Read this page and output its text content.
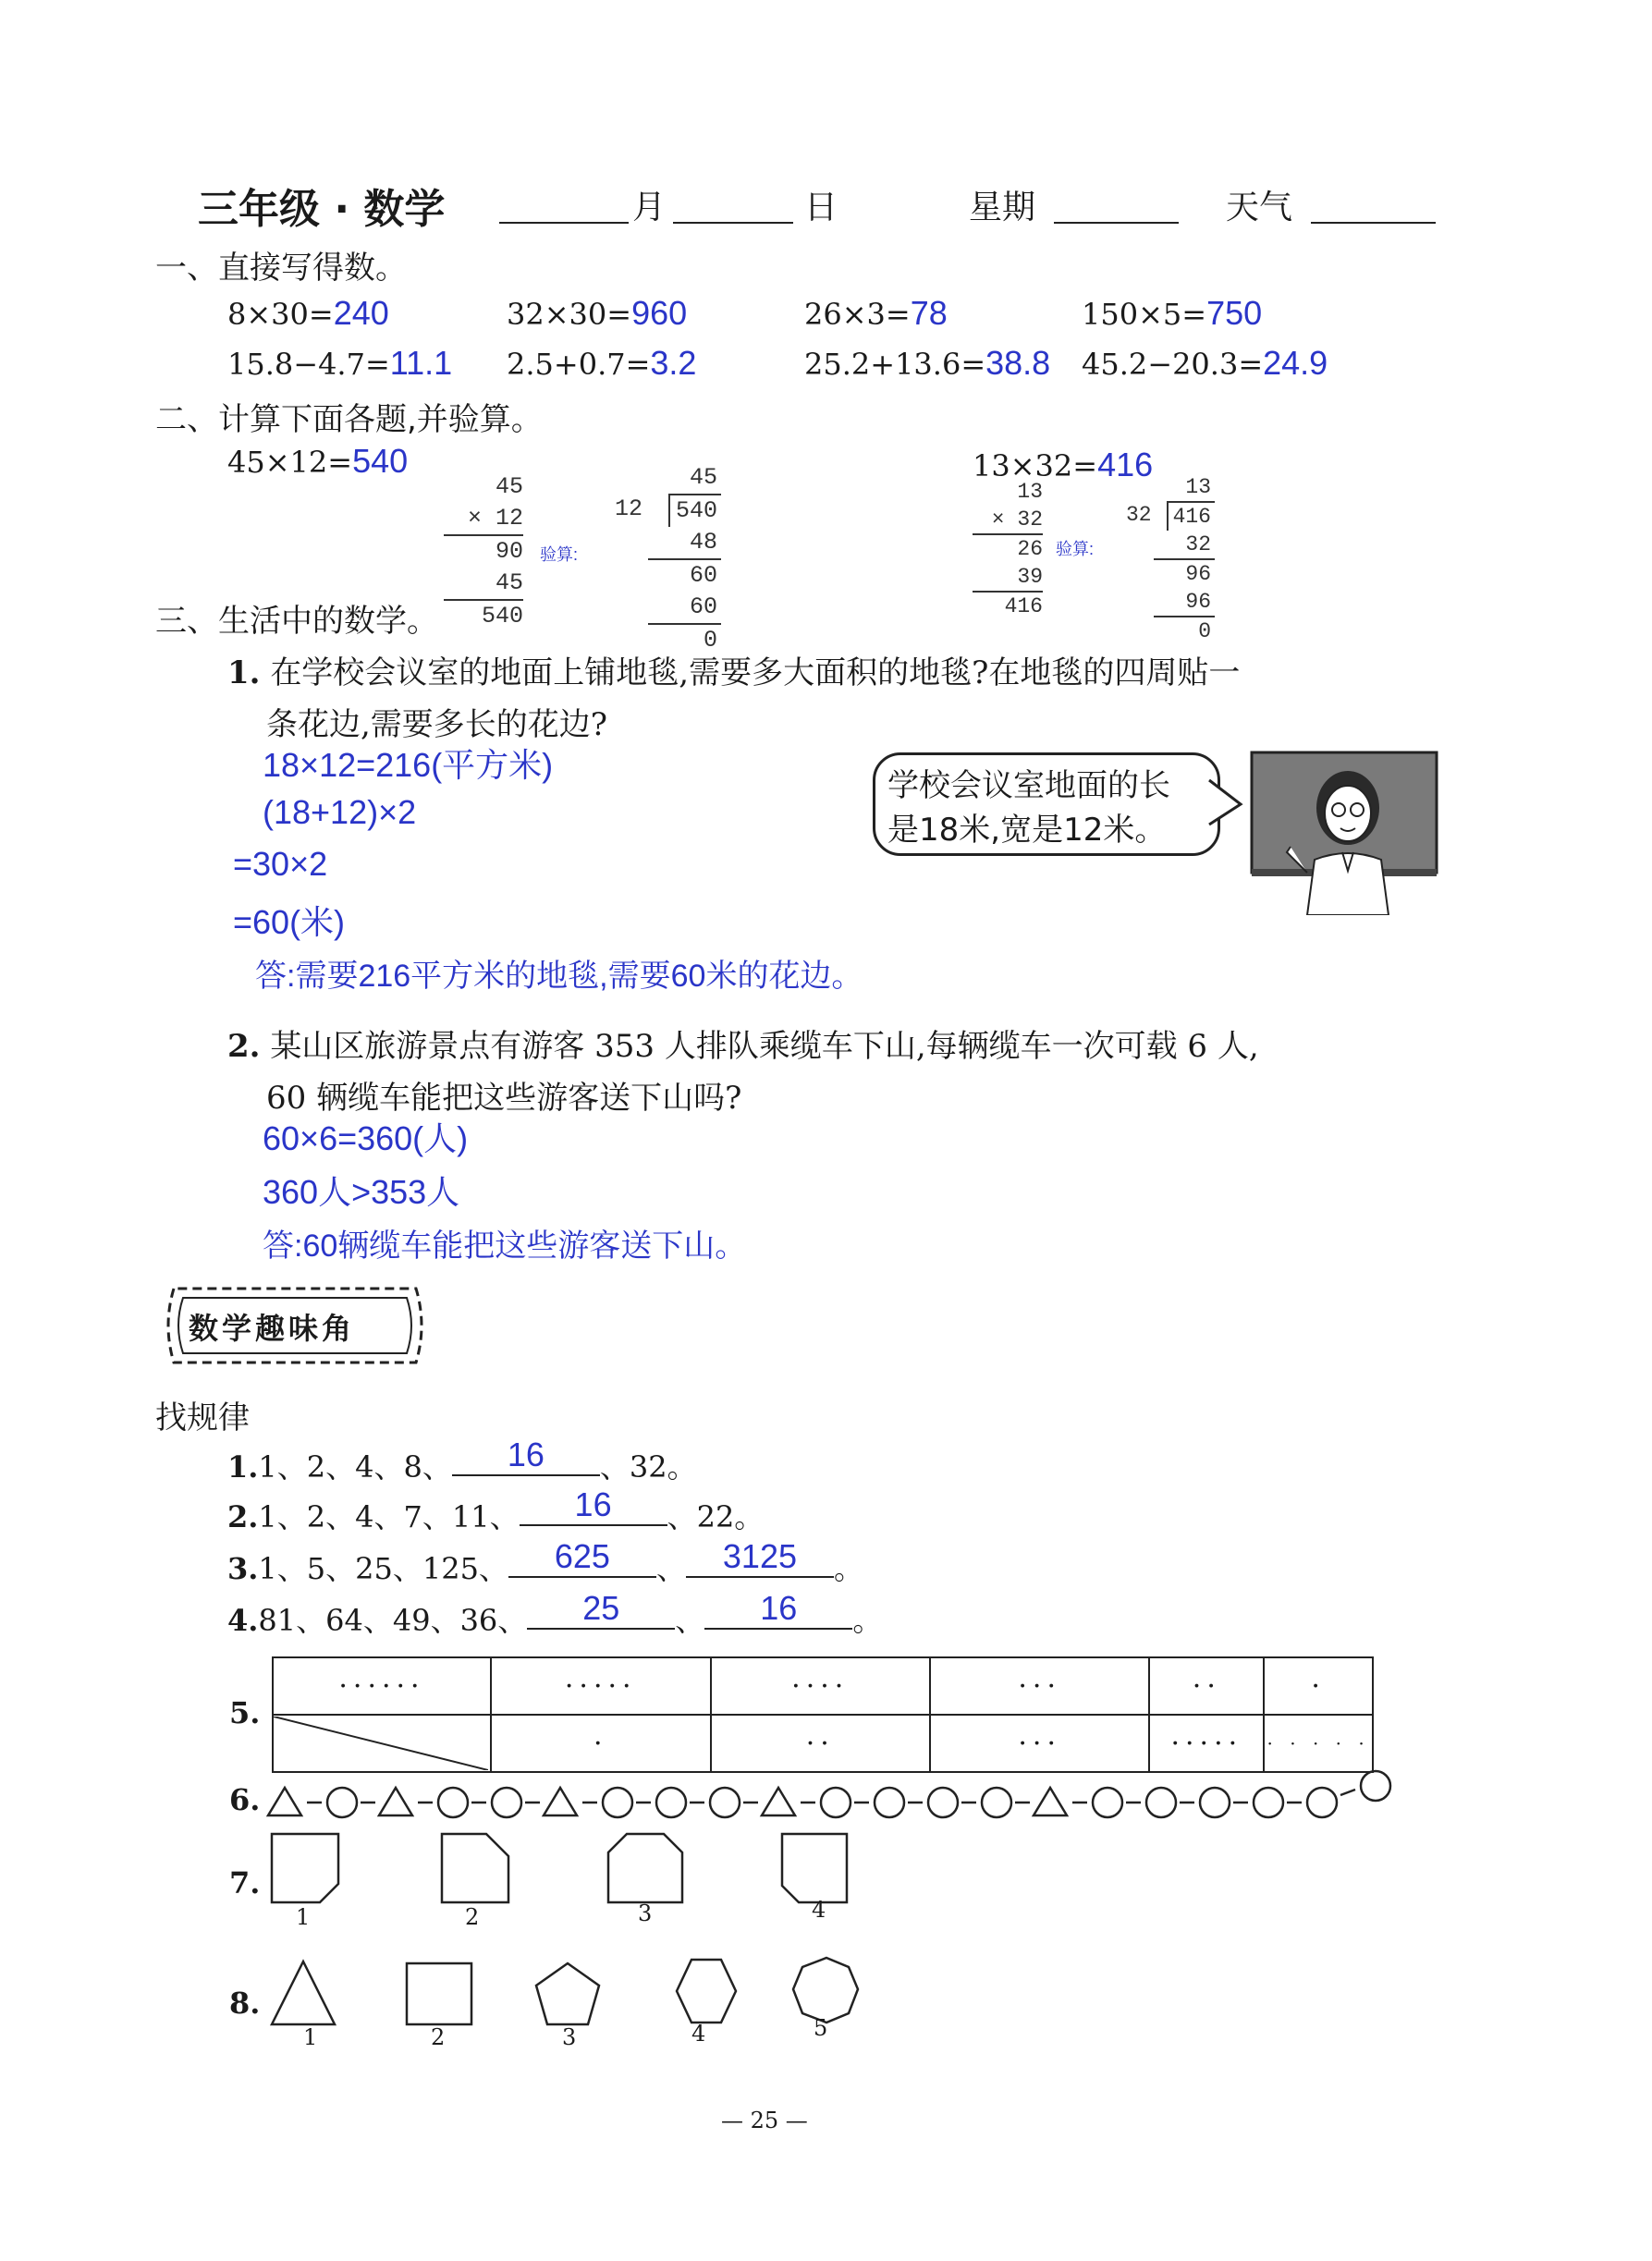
三年级 · 数学	月	日	星期	天气
一、直接写得数。
8×30=240	32×30=960	26×3=78	150×5=750
15.8−4.7=11.1 2.5+0.7=3.2	25.2+13.6=38.8 45.2−20.3=24.9
二、计算下面各题,并验算。
45×12=540
45
× 12
90
45
540
验算:
45
12 540
48
60
60
0
13×32=416
13
× 32
26
39
416
验算:
13
32 416
32
96
96
0
三、生活中的数学。
1. 在学校会议室的地面上铺地毯,需要多大面积的地毯?在地毯的四周贴一
条花边,需要多长的花边?
18×12=216(平方米)
(18+12)×2
=30×2
=60(米)
答:需要216平方米的地毯,需要60米的花边。
学校会议室地面的长
是18米,宽是12米。
2. 某山区旅游景点有游客 353 人排队乘缆车下山,每辆缆车一次可载 6 人,
60 辆缆车能把这些游客送下山吗?
60×6=360(人)
360人>353人
答:60辆缆车能把这些游客送下山。
数学趣味角
找规律
1.1、2、4、8、 16 、32。
2.1、2、4、7、11、 16 、22。
3.1、5、25、125、 625 、 3125 。
4.81、64、49、36、 25 、 16 。
5.
······	·····	····	···	··	·

	·	··	···	·····	· · · · ·
6.
7.
1	2	3	4
8.
1	2	3	4	5
— 25 —
